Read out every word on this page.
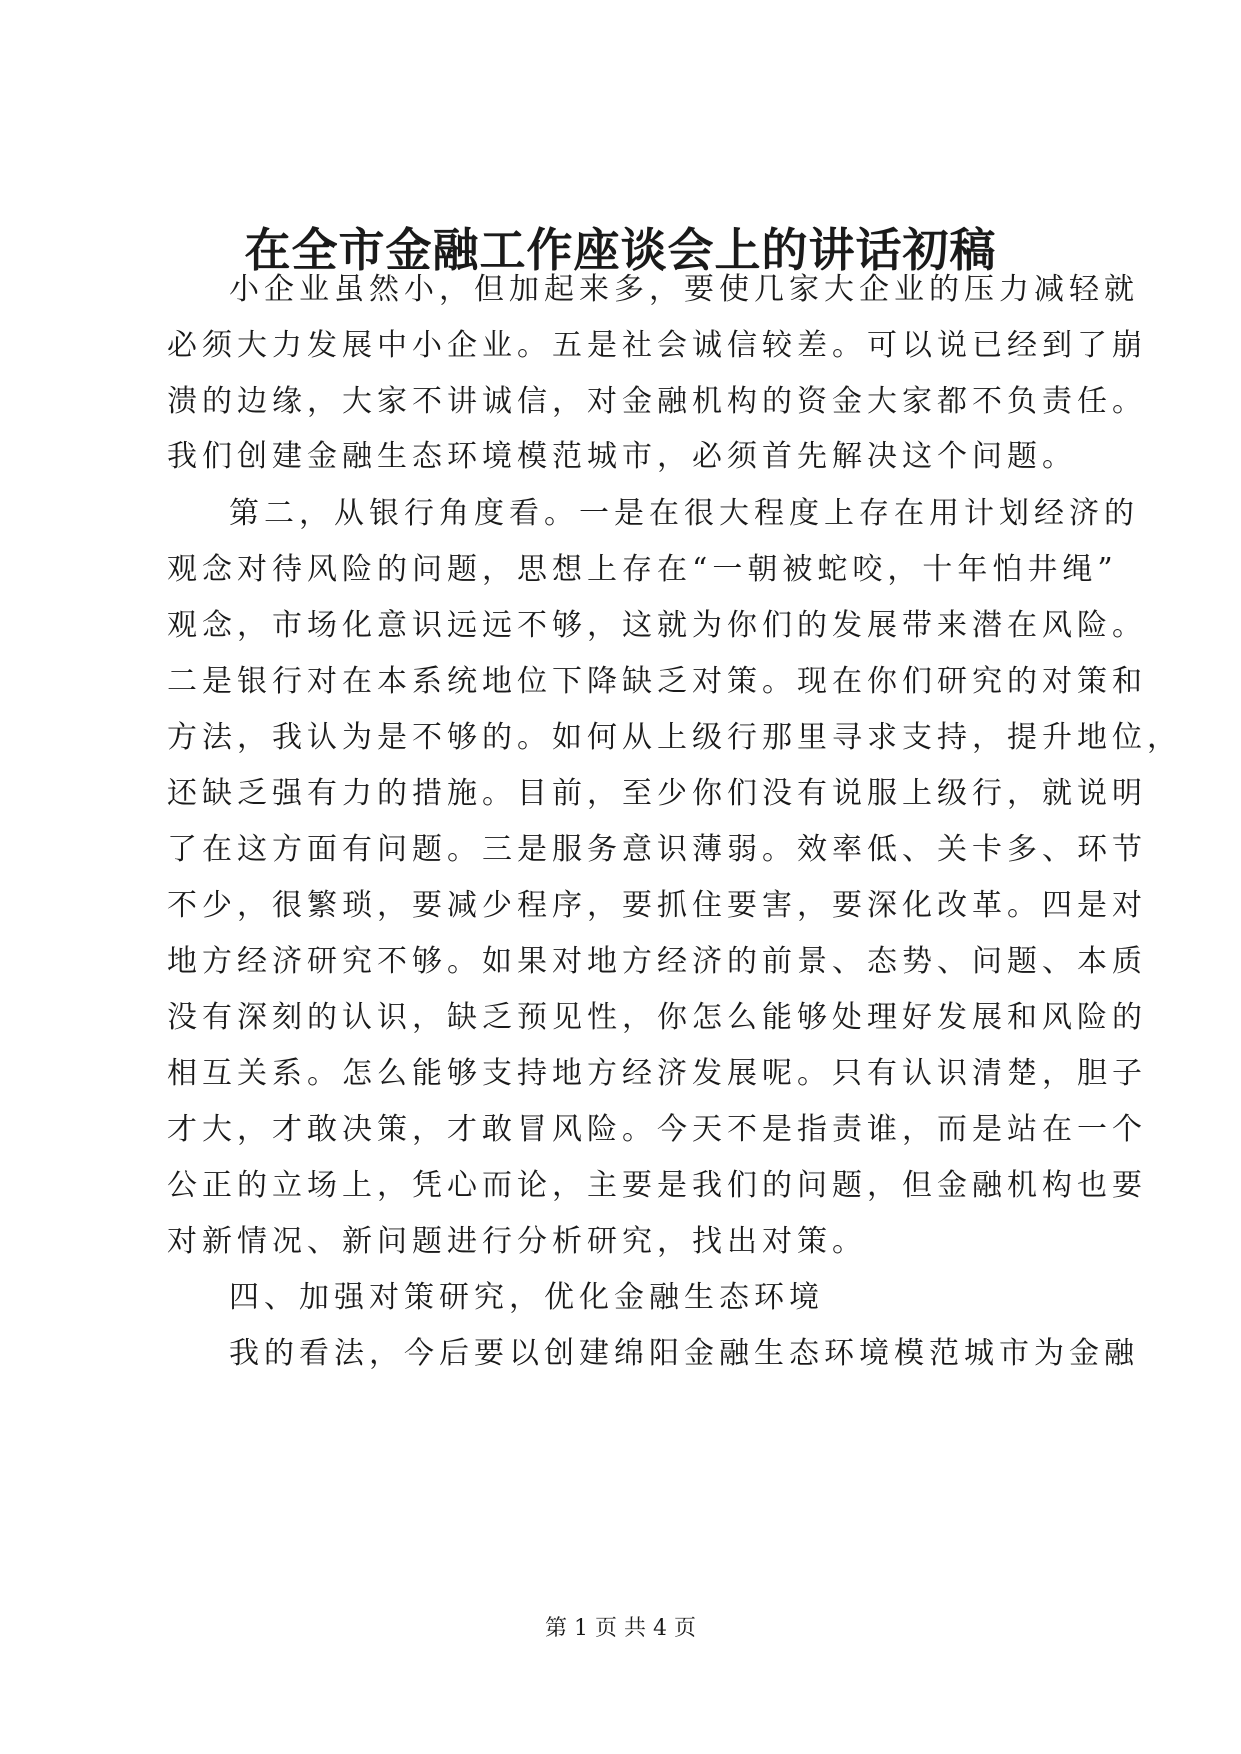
在全市金融工作座谈会上的讲话初稿

小企业虽然小，但加起来多，要使几家大企业的压力减轻就

必须大力发展中小企业。五是社会诚信较差。可以说已经到了崩

溃的边缘，大家不讲诚信，对金融机构的资金大家都不负责任。

我们创建金融生态环境模范城市，必须首先解决这个问题。

第二，从银行角度看。一是在很大程度上存在用计划经济的

观念对待风险的问题，思想上存在“一朝被蛇咬，十年怕井绳”

观念，市场化意识远远不够，这就为你们的发展带来潜在风险。

二是银行对在本系统地位下降缺乏对策。现在你们研究的对策和

方法，我认为是不够的。如何从上级行那里寻求支持，提升地位，

还缺乏强有力的措施。目前，至少你们没有说服上级行，就说明

了在这方面有问题。三是服务意识薄弱。效率低、关卡多、环节

不少，很繁琐，要减少程序，要抓住要害，要深化改革。四是对

地方经济研究不够。如果对地方经济的前景、态势、问题、本质

没有深刻的认识，缺乏预见性，你怎么能够处理好发展和风险的

相互关系。怎么能够支持地方经济发展呢。只有认识清楚，胆子

才大，才敢决策，才敢冒风险。今天不是指责谁，而是站在一个

公正的立场上，凭心而论，主要是我们的问题，但金融机构也要

对新情况、新问题进行分析研究，找出对策。

四、加强对策研究，优化金融生态环境

我的看法，今后要以创建绵阳金融生态环境模范城市为金融

第 1 页 共 4 页
